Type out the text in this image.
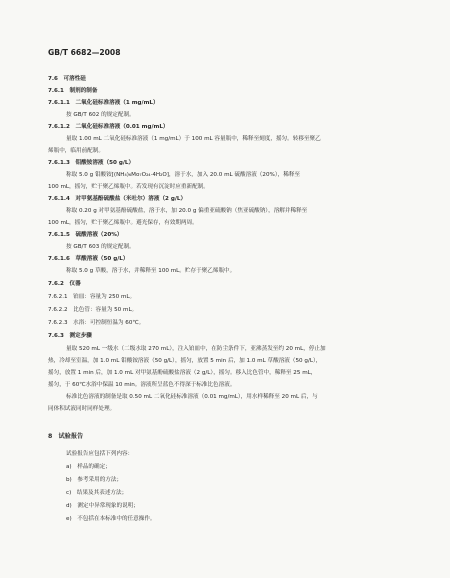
GB/T 6682—2008
7.6　可溶性硅
7.6.1　制剂的制备
7.6.1.1　二氧化硅标准溶液（1 mg/mL）
按 GB/T 602 的规定配制。
7.6.1.2　二氧化硅标准溶液（0.01 mg/mL）
量取 1.00 mL 二氧化硅标准溶液（1 mg/mL）于 100 mL 容量瓶中，稀释至刻度，摇匀。转移至聚乙
烯瓶中，临用前配制。
7.6.1.3　钼酸铵溶液（50 g/L）
称取 5.0 g 钼酸铵[(NH₄)₆Mo₇O₂₄·4H₂O]，溶于水，加入 20.0 mL 硫酸溶液（20%），稀释至
100 mL，摇匀，贮于聚乙烯瓶中。若发现有沉淀时应重新配制。
7.6.1.4　对甲氨基酚硫酸盐（米吐尔）溶液（2 g/L）
称取 0.20 g 对甲氨基酚硫酸盐，溶于水，加 20.0 g 偏重亚硫酸钠（焦亚硫酸钠），溶解并稀释至
100 mL，摇匀，贮于聚乙烯瓶中。避光保存，有效期两周。
7.6.1.5　硫酸溶液（20%）
按 GB/T 603 的规定配制。
7.6.1.6　草酸溶液（50 g/L）
称取 5.0 g 草酸，溶于水，并稀释至 100 mL。贮存于聚乙烯瓶中。
7.6.2　仪器
7.6.2.1　铂皿：容量为 250 mL。
7.6.2.2　比色管：容量为 50 mL。
7.6.2.3　水浴：可控制恒温为 60℃。
7.6.3　测定步骤
量取 520 mL 一级水（二级水取 270 mL），注入铂皿中，在防尘条件下，亚沸蒸发至约 20 mL，停止加
热，冷却至室温，加 1.0 mL 钼酸铵溶液（50 g/L），摇匀，放置 5 min 后，加 1.0 mL 草酸溶液（50 g/L），
摇匀，放置 1 min 后，加 1.0 mL 对甲氨基酚硫酸盐溶液（2 g/L），摇匀。移入比色管中，稀释至 25 mL，
摇匀，于 60℃水浴中保温 10 min。溶液所呈蓝色不得深于标准比色溶液。
标准比色溶液的制备是取 0.50 mL 二氧化硅标准溶液（0.01 mg/mL），用水样稀释至 20 mL 后，与
同体积试液同时同样处理。
8　试验报告
试验报告应包括下列内容：
a)　样品的确定；
b)　参考采用的方法；
c)　结果及其表述方法；
d)　测定中异常现象的说明；
e)　不包括在本标准中的任意操作。
